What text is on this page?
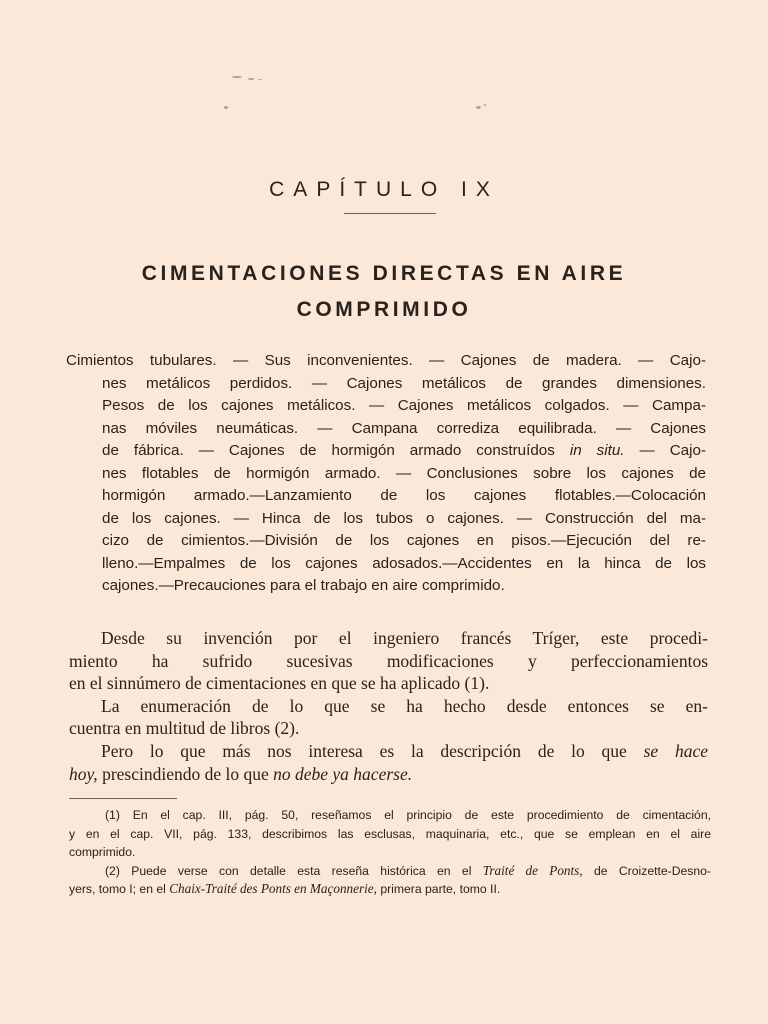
CAPÍTULO IX
CIMENTACIONES DIRECTAS EN AIRE
COMPRIMIDO
Cimientos tubulares. — Sus inconvenientes. — Cajones de madera. — Cajo-
nes metálicos perdidos. — Cajones metálicos de grandes dimensiones.
Pesos de los cajones metálicos. — Cajones metálicos colgados. — Campa-
nas móviles neumáticas. — Campana corrediza equilibrada. — Cajones
de fábrica. — Cajones de hormigón armado construídos in situ. — Cajo-
nes flotables de hormigón armado. — Conclusiones sobre los cajones de
hormigón armado.—Lanzamiento de los cajones flotables.—Colocación
de los cajones. — Hinca de los tubos o cajones. — Construcción del ma-
cizo de cimientos.—División de los cajones en pisos.—Ejecución del re-
lleno.—Empalmes de los cajones adosados.—Accidentes en la hinca de los
cajones.—Precauciones para el trabajo en aire comprimido.
Desde su invención por el ingeniero francés Tríger, este procedi-
miento ha sufrido sucesivas modificaciones y perfeccionamientos
en el sinnúmero de cimentaciones en que se ha aplicado (1).
La enumeración de lo que se ha hecho desde entonces se en-
cuentra en multitud de libros (2).
Pero lo que más nos interesa es la descripción de lo que se hace
hoy, prescindiendo de lo que no debe ya hacerse.
(1) En el cap. III, pág. 50, reseñamos el principio de este procedimiento de cimentación,
y en el cap. VII, pág. 133, describimos las esclusas, maquinaria, etc., que se emplean en el aire
comprimido.
(2) Puede verse con detalle esta reseña histórica en el Traité de Ponts, de Croizette-Desno-
yers, tomo I; en el Chaix-Traité des Ponts en Maçonnerie, primera parte, tomo II.
